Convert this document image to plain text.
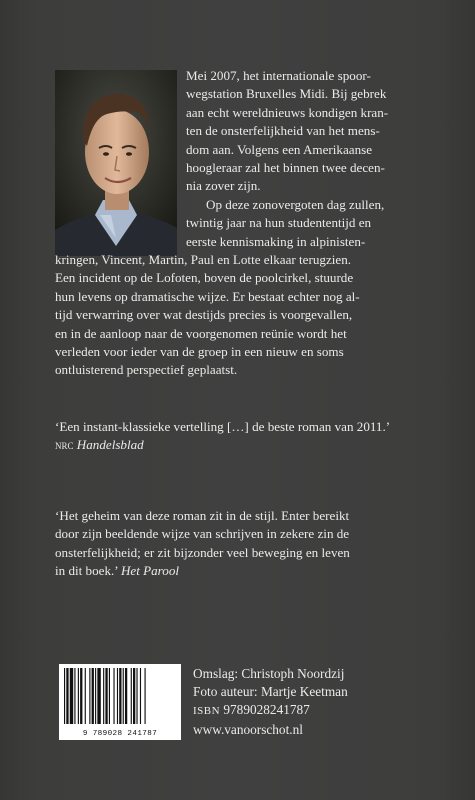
Mei 2007, het internationale spoor-

wegstation Bruxelles Midi. Bij gebrek

aan echt wereldnieuws kondigen kran-

ten de onsterfelijkheid van het mens-

dom aan. Volgens een Amerikaanse

hoogleraar zal het binnen twee decen-

nia zover zijn.

Op deze zonovergoten dag zullen,

twintig jaar na hun studententijd en

eerste kennismaking in alpinisten-

kringen, Vincent, Martin, Paul en Lotte elkaar terugzien.

Een incident op de Lofoten, boven de poolcirkel, stuurde

hun levens op dramatische wijze. Er bestaat echter nog al-

tijd verwarring over wat destijds precies is voorgevallen,

en in de aanloop naar de voorgenomen reünie wordt het

verleden voor ieder van de groep in een nieuw en soms

ontluisterend perspectief geplaatst.

‘Een instant-klassieke vertelling […] de beste roman van 2011.’

nrc Handelsblad

‘Het geheim van deze roman zit in de stijl. Enter bereikt

door zijn beeldende wijze van schrijven in zekere zin de

onsterfelijkheid; er zit bijzonder veel beweging en leven

in dit boek.’ Het Parool

9 789028 241787
Omslag: Christoph Noordzij
Foto auteur: Martje Keetman
ISBN 9789028241787
www.vanoorschot.nl
